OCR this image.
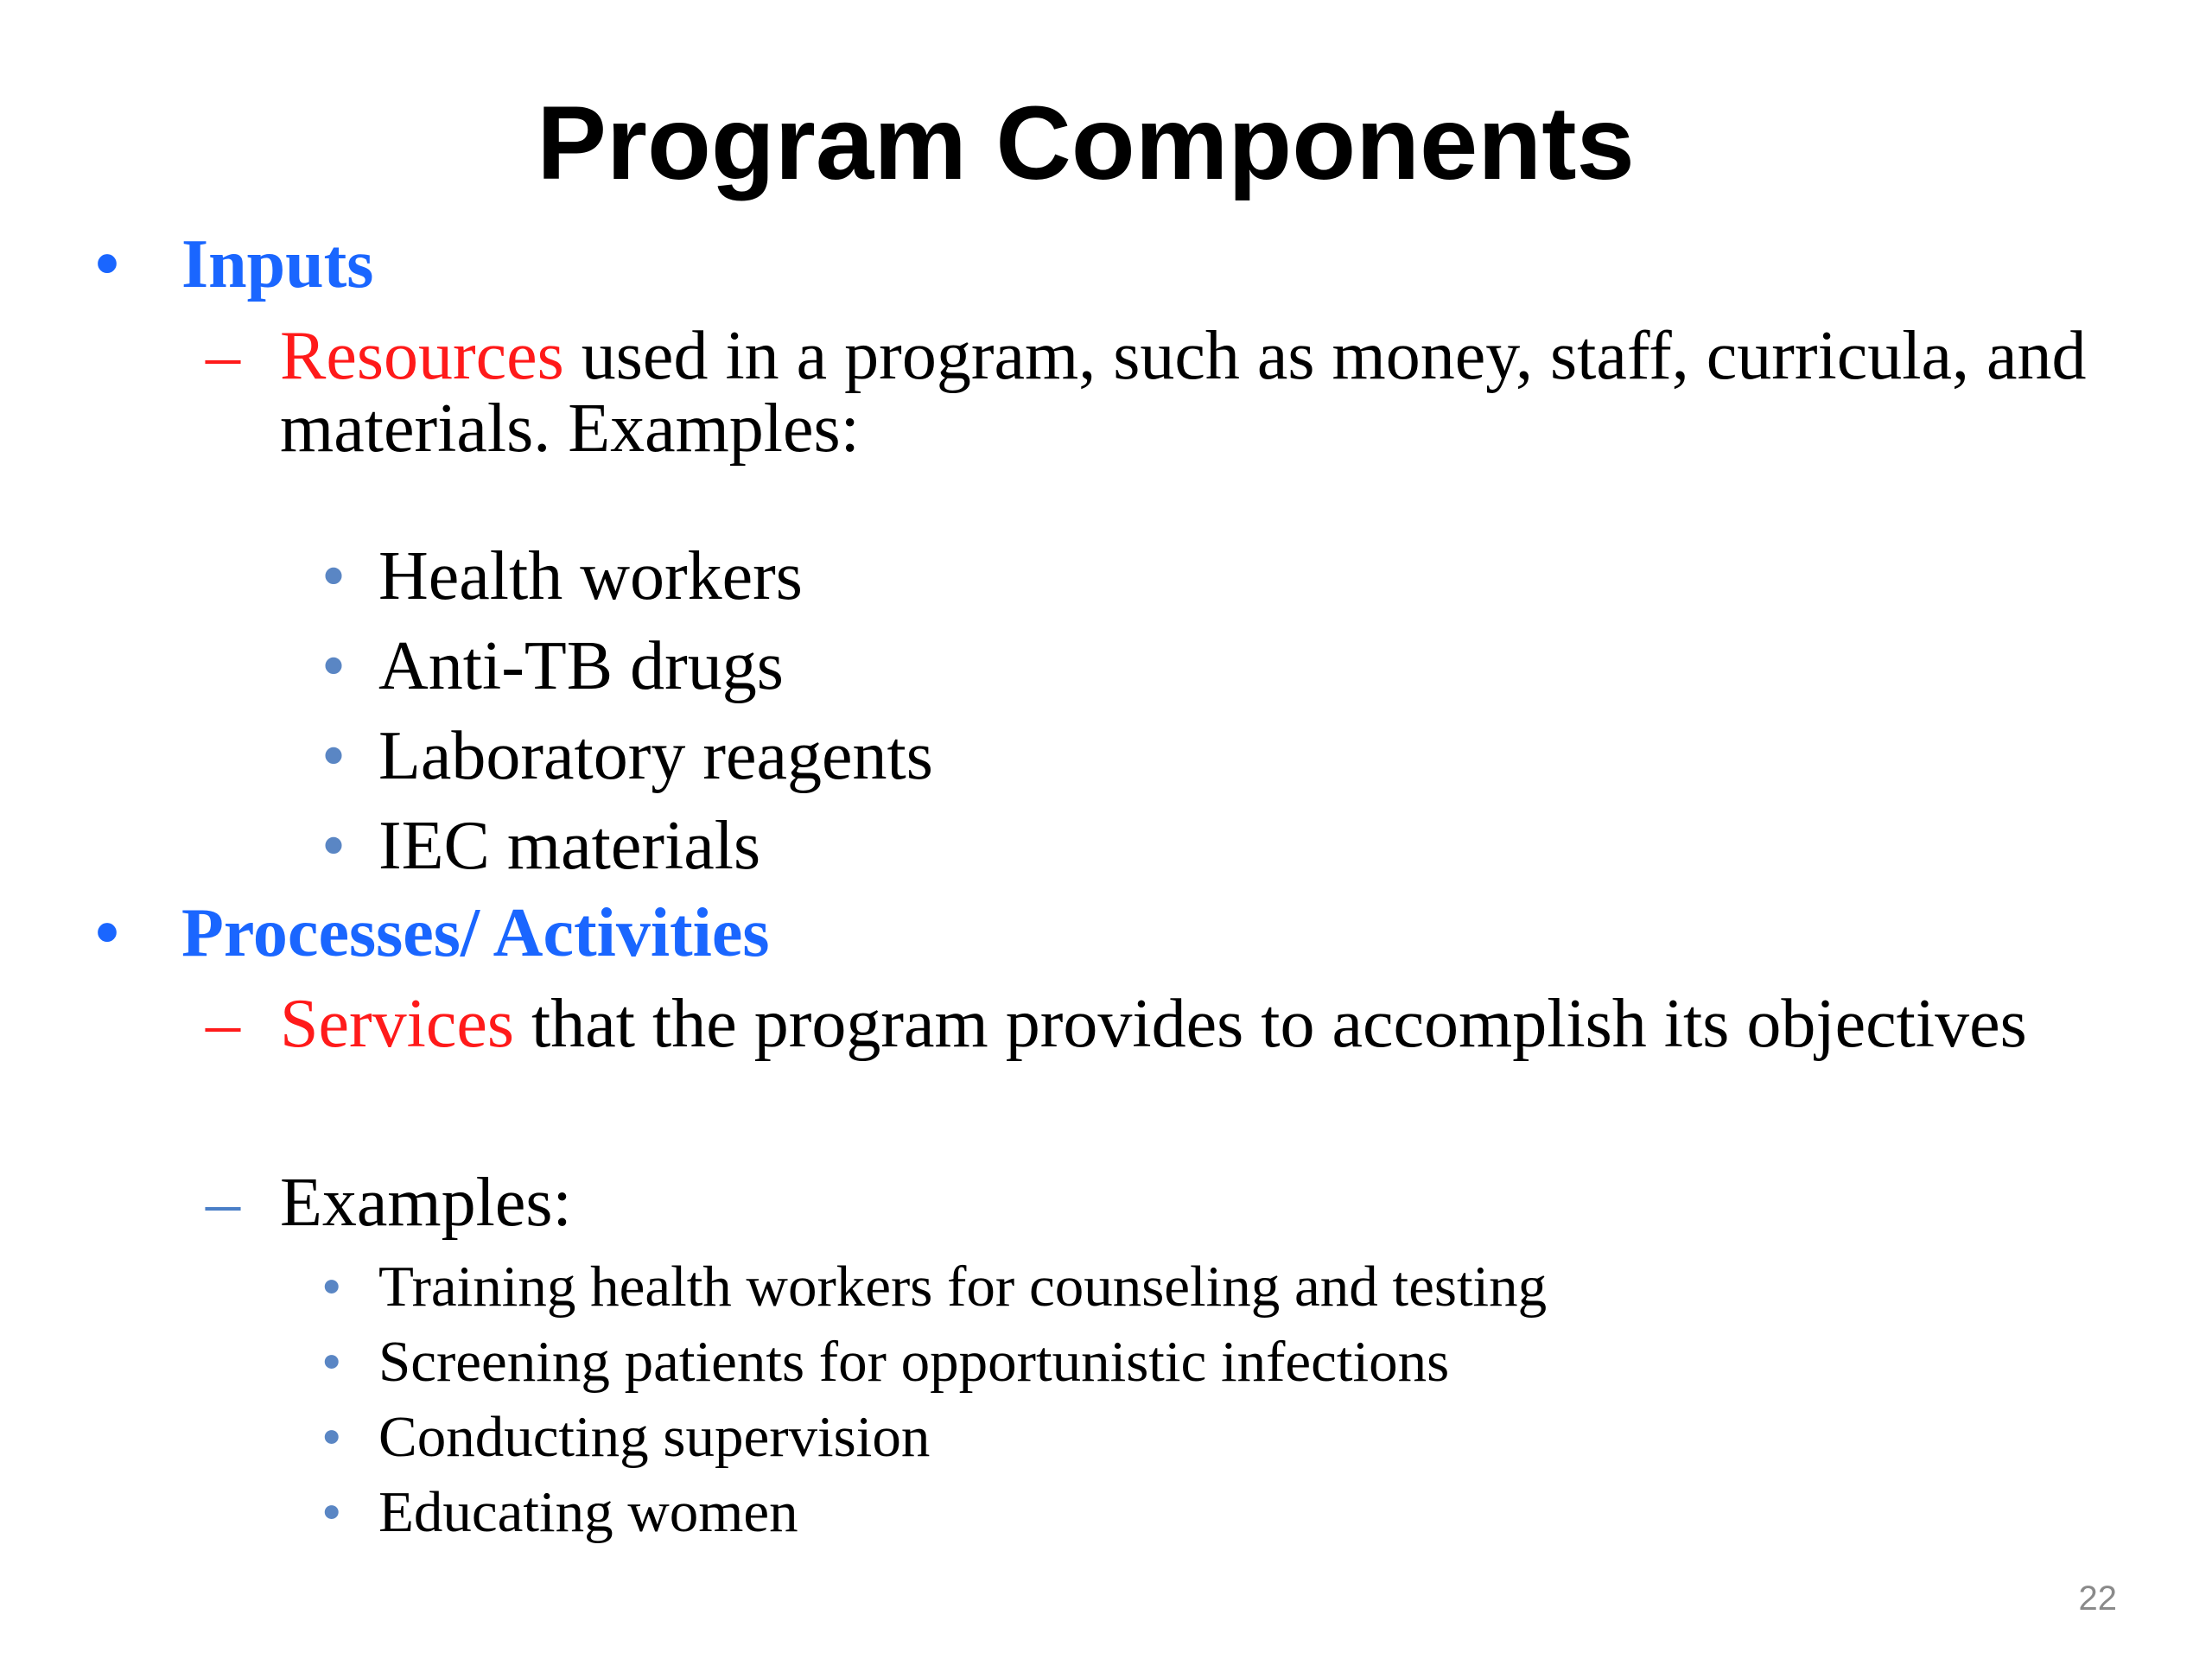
Program Components
• Inputs
– Resources used in a program, such as money, staff, curricula, and materials. Examples:
• Health workers
• Anti-TB drugs
• Laboratory reagents
• IEC materials
• Processes/ Activities
– Services that the program provides to accomplish its objectives
– Examples:
• Training health workers for counseling and testing
• Screening patients for opportunistic infections
• Conducting supervision
• Educating women
22
